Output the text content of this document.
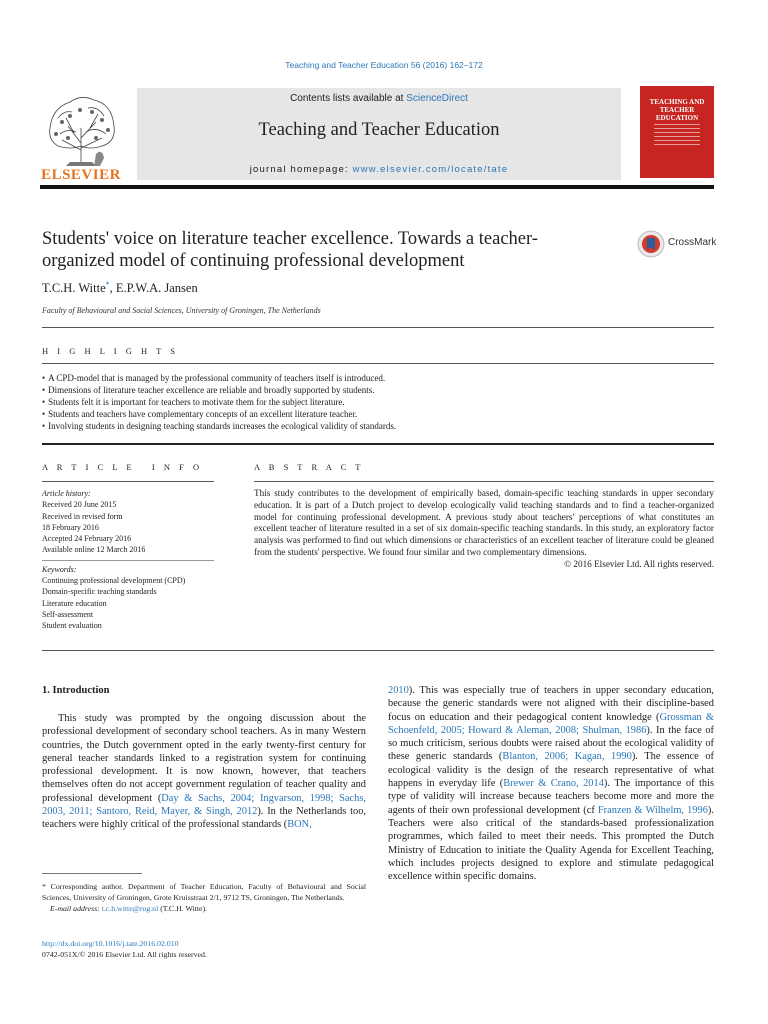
Teaching and Teacher Education 56 (2016) 162–172
ELSEVIER
Contents lists available at ScienceDirect
Teaching and Teacher Education
journal homepage: www.elsevier.com/locate/tate
TEACHING AND TEACHER EDUCATION
Students' voice on literature teacher excellence. Towards a teacher-organized model of continuing professional development
CrossMark
T.C.H. Witte*, E.P.W.A. Jansen
Faculty of Behavioural and Social Sciences, University of Groningen, The Netherlands
H I G H L I G H T S
• A CPD-model that is managed by the professional community of teachers itself is introduced.
• Dimensions of literature teacher excellence are reliable and broadly supported by students.
• Students felt it is important for teachers to motivate them for the subject literature.
• Students and teachers have complementary concepts of an excellent literature teacher.
• Involving students in designing teaching standards increases the ecological validity of standards.
A R T I C L E   I N F O
Article history:
Received 20 June 2015
Received in revised form
18 February 2016
Accepted 24 February 2016
Available online 12 March 2016
Keywords:
Continuing professional development (CPD)
Domain-specific teaching standards
Literature education
Self-assessment
Student evaluation
A B S T R A C T
This study contributes to the development of empirically based, domain-specific teaching standards in upper secondary education. It is part of a Dutch project to develop ecologically valid teaching standards and to find a teacher-organized model for continuing professional development. A previous study about teachers' perceptions of what constitutes an excellent teacher of literature resulted in a set of six domain-specific teaching standards. In this study, an exploratory factor analysis was performed to find out which dimensions or characteristics of an excellent teacher of literature could be gleaned from the students' perspective. We found four similar and two complementary dimensions.
© 2016 Elsevier Ltd. All rights reserved.
1. Introduction
This study was prompted by the ongoing discussion about the professional development of secondary school teachers. As in many Western countries, the Dutch government opted in the early twenty-first century for general teacher standards linked to a registration system for continuing professional development. It is now known, however, that teachers themselves often do not accept government regulation of teacher quality and professional development (Day & Sachs, 2004; Ingvarson, 1998; Sachs, 2003, 2011; Santoro, Reid, Mayer, & Singh, 2012). In the Netherlands too, teachers were highly critical of the professional standards (BON,
2010). This was especially true of teachers in upper secondary education, because the generic standards were not aligned with their discipline-based focus on education and their pedagogical content knowledge (Grossman & Schoenfeld, 2005; Howard & Aleman, 2008; Shulman, 1986). In the face of so much criticism, serious doubts were raised about the ecological validity of these generic standards (Blanton, 2006; Kagan, 1990). The essence of ecological validity is the design of the research representative of what happens in everyday life (Brewer & Crano, 2014). The importance of this type of validity will increase because teachers become more and more the agents of their own professional development (cf Franzen & Wilhelm, 1996). Teachers were also critical of the standards-based professionalization programmes, which failed to meet their needs. This prompted the Dutch Ministry of Education to initiate the Quality Agenda for Excellent Teaching, which includes projects designed to explore and stimulate pedagogical excellence within specific domains.
* Corresponding author. Department of Teacher Education, Faculty of Behavioural and Social Sciences, University of Groningen, Grote Kruisstraat 2/1, 9712 TS, Groningen, The Netherlands.
E-mail address: t.c.h.witte@rug.nl (T.C.H. Witte).
http://dx.doi.org/10.1016/j.tate.2016.02.010
0742-051X/© 2016 Elsevier Ltd. All rights reserved.
